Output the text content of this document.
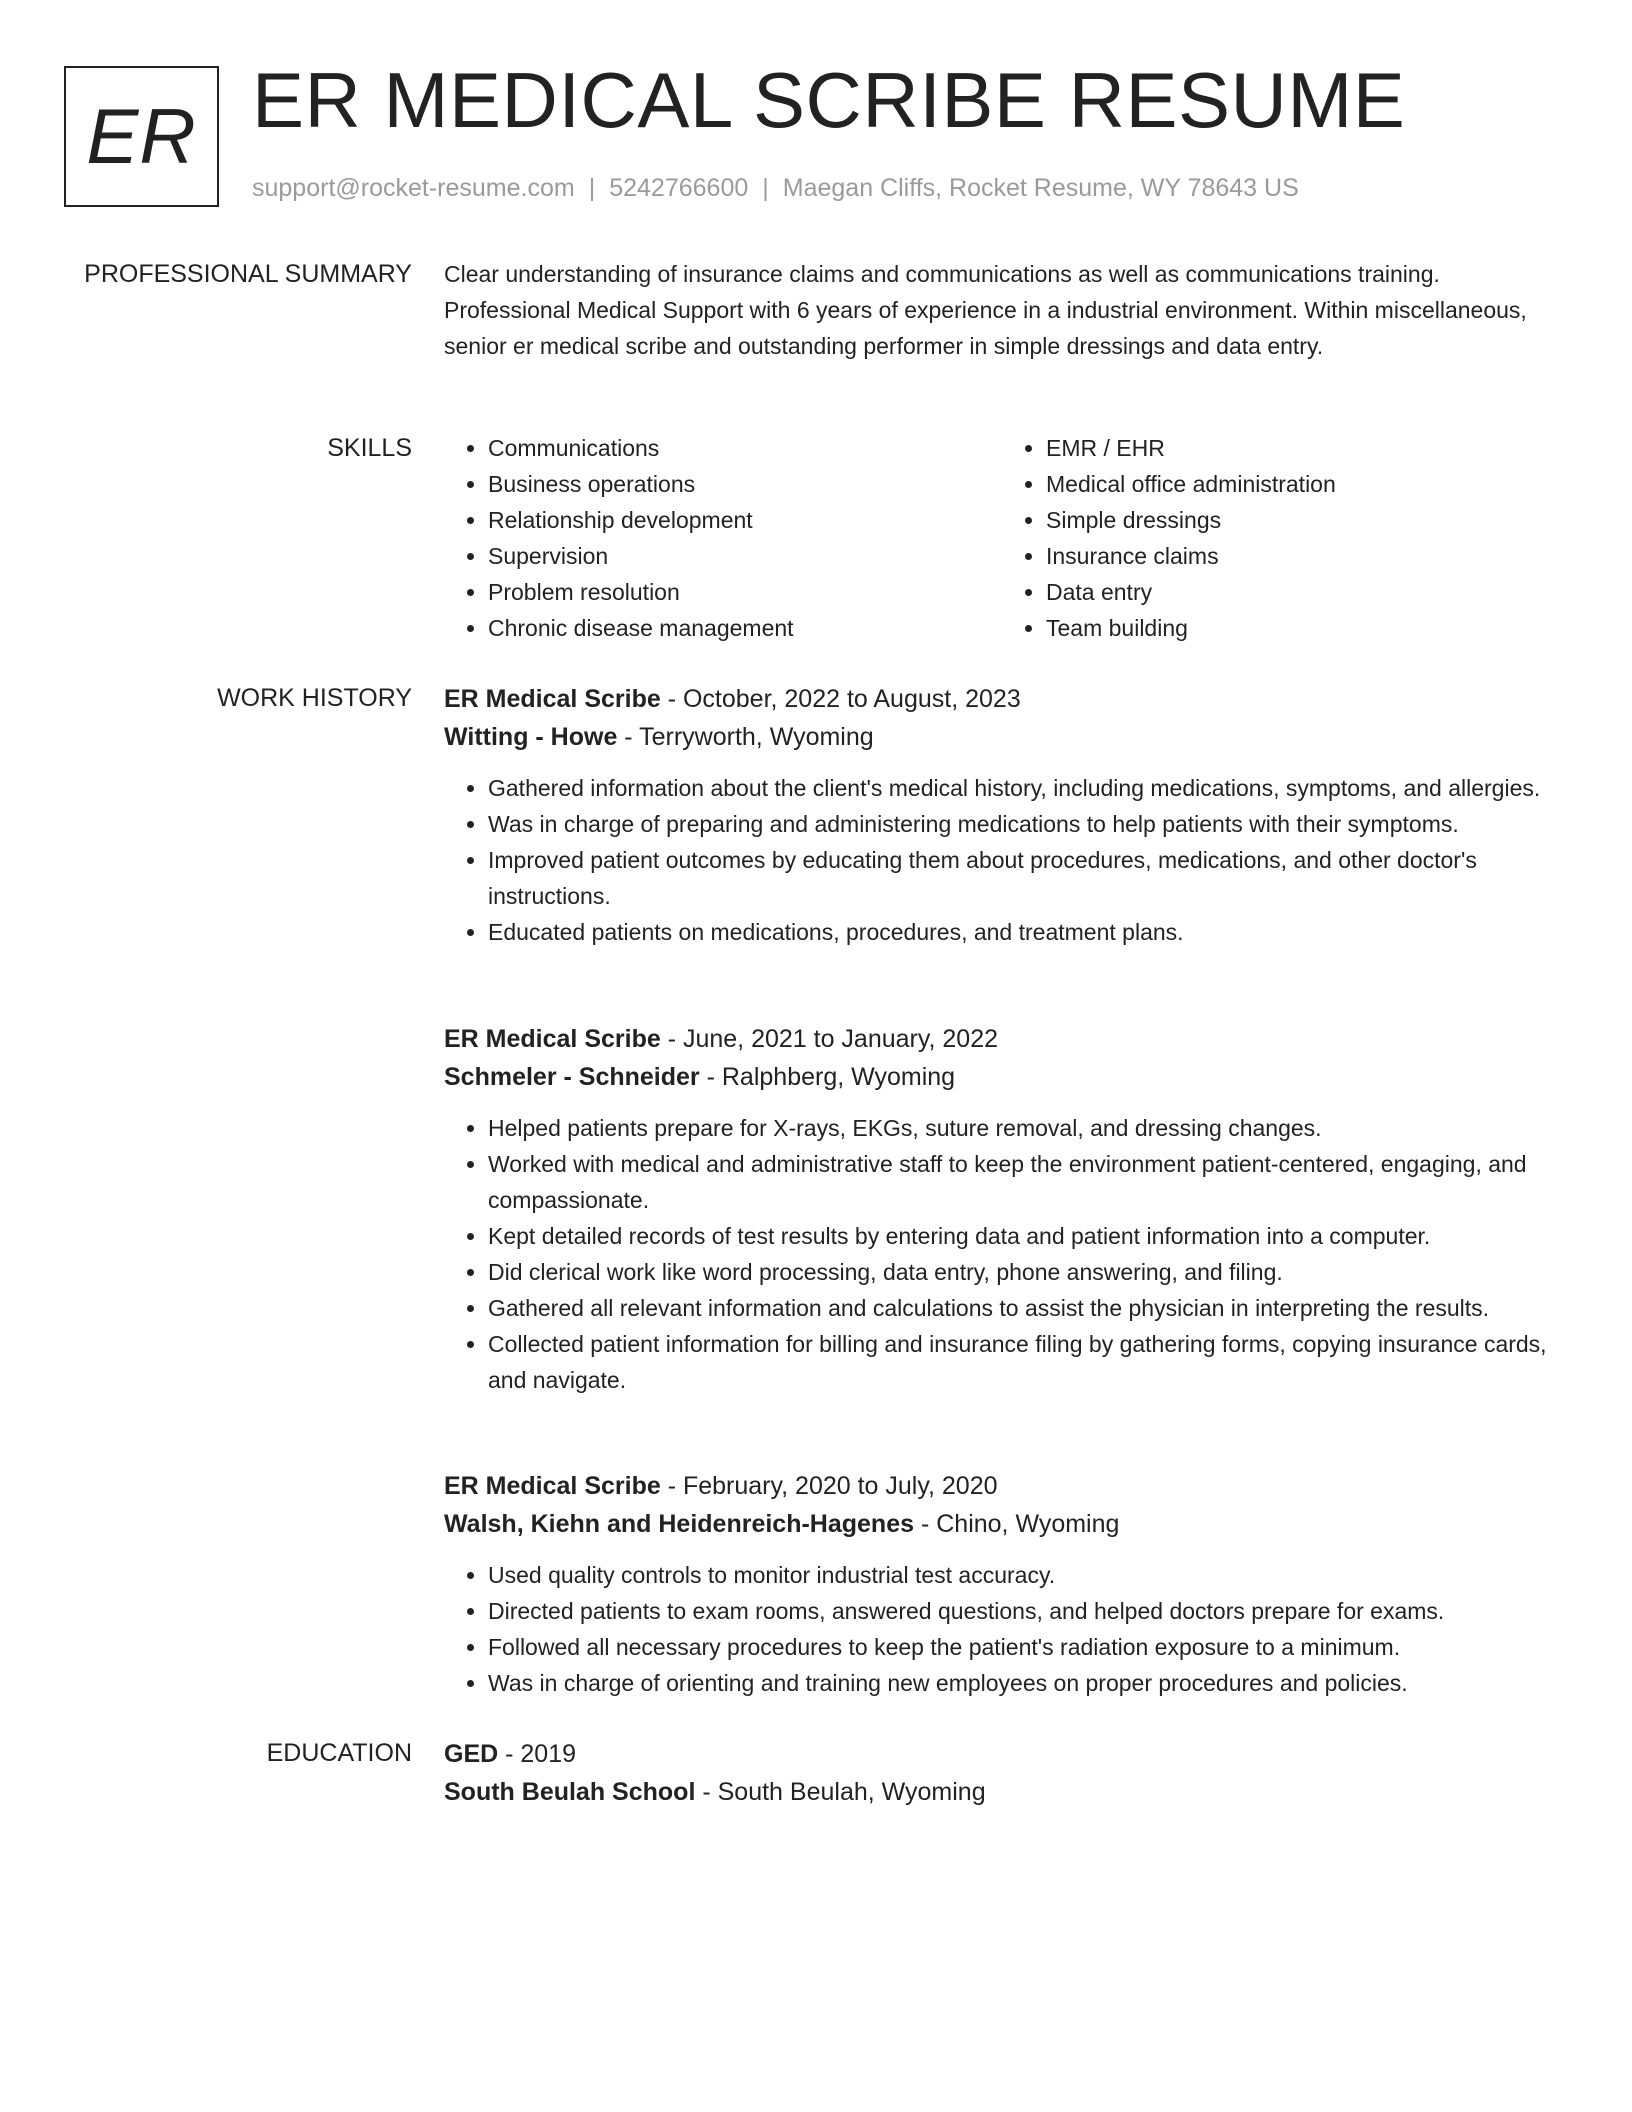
ER ER MEDICAL SCRIBE RESUME
support@rocket-resume.com | 5242766600 | Maegan Cliffs, Rocket Resume, WY 78643 US
PROFESSIONAL SUMMARY Clear understanding of insurance claims and communications as well as communications training. Professional Medical Support with 6 years of experience in a industrial environment. Within miscellaneous, senior er medical scribe and outstanding performer in simple dressings and data entry.

SKILLS
•	Communications
• Business operations
• Relationship development
• Supervision
• Problem resolution
• Chronic disease management
• EMR / EHR
• Medical office administration
• Simple dressings
• Insurance claims
• Data entry
• Team building
WORK HISTORY ER Medical Scribe - October, 2022 to August, 2023
Witting - Howe - Terryworth, Wyoming
• Gathered information about the client's medical history, including medications, symptoms, and allergies.
• Was in charge of preparing and administering medications to help patients with their symptoms.
• Improved patient outcomes by educating them about procedures, medications, and other doctor's instructions.
• Educated patients on medications, procedures, and treatment plans.
ER Medical Scribe - June, 2021 to January, 2022
Schmeler - Schneider - Ralphberg, Wyoming
• Helped patients prepare for X-rays, EKGs, suture removal, and dressing changes.
• Worked with medical and administrative staff to keep the environment patient-centered, engaging, and compassionate.
• Kept detailed records of test results by entering data and patient information into a computer.
• Did clerical work like word processing, data entry, phone answering, and filing.
• Gathered all relevant information and calculations to assist the physician in interpreting the results.
• Collected patient information for billing and insurance filing by gathering forms, copying insurance cards, and navigate.
ER Medical Scribe - February, 2020 to July, 2020
Walsh, Kiehn and Heidenreich-Hagenes - Chino, Wyoming
• Used quality controls to monitor industrial test accuracy.
• Directed patients to exam rooms, answered questions, and helped doctors prepare for exams.
• Followed all necessary procedures to keep the patient's radiation exposure to a minimum.
• Was in charge of orienting and training new employees on proper procedures and policies.
EDUCATION GED - 2019
South Beulah School - South Beulah, Wyoming
